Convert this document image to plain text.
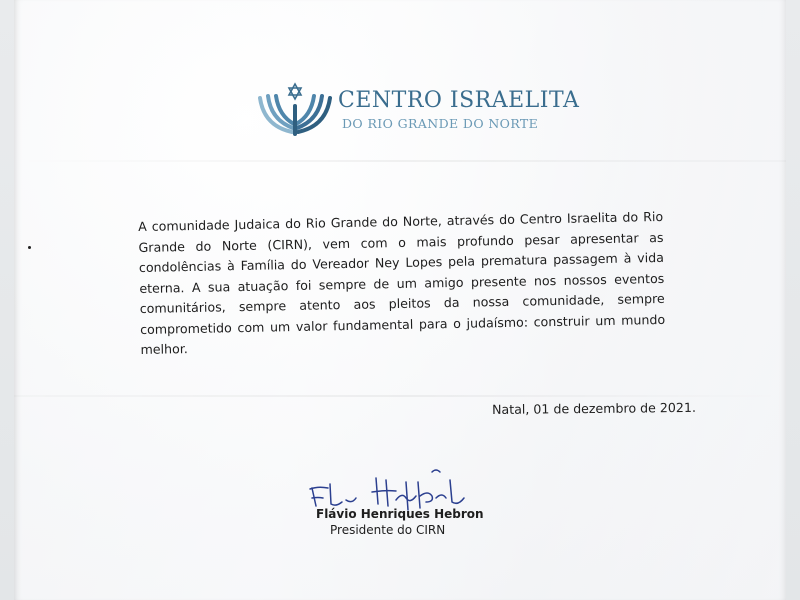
CENTRO ISRAELITA
DO RIO GRANDE DO NORTE
A comunidade Judaica do Rio Grande do Norte, através do Centro Israelita do Rio Grande do Norte (CIRN), vem com o mais profundo pesar apresentar as condolências à Família do Vereador Ney Lopes pela prematura passagem à vida eterna. A sua atuação foi sempre de um amigo presente nos nossos eventos comunitários, sempre atento aos pleitos da nossa comunidade, sempre comprometido com um valor fundamental para o judaísmo: construir um mundo melhor.
Natal, 01 de dezembro de 2021.
Flávio Henriques Hebron
Presidente do CIRN
